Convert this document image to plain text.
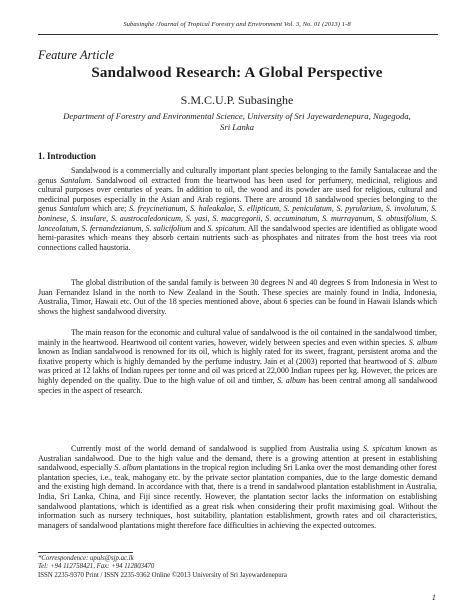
Subasinghe /Journal of Tropical Forestry and Environment Vol. 3, No. 01 (2013) 1-8
Feature Article
Sandalwood Research: A Global Perspective
S.M.C.U.P. Subasinghe
Department of Forestry and Environmental Science, University of Sri Jayewardenepura, Nugegoda,
Sri Lanka
1. Introduction

Sandalwood is a commercially and culturally important plant species belonging to the family Santalaceae and the genus Santalum. Sandalwood oil extracted from the heartwood has been used for perfumery, medicinal, religious and cultural purposes over centuries of years. In addition to oil, the wood and its powder are used for religious, cultural and medicinal purposes especially in the Asian and Arab regions. There are around 18 sandalwood species belonging to the genus Santalum which are; S. freycinetianum, S. haleakalae, S. ellipticum, S. peniculatum, S. pyrularium, S. involutum, S. boninese, S. insulare, S. austrocaledonicum, S. yasi, S. macgregorii, S. accuminatum, S. murrayanum, S. obtusifolium, S. lanceolatum, S. fernandezianum, S. salicifolium and S. spicatum. All the sandalwood species are identified as obligate wood hemi-parasites which means they absorb certain nutrients such as phosphates and nitrates from the host trees via root connections called haustoria.

The global distribution of the sandal family is between 30 degrees N and 40 degrees S from Indonesia in West to Juan Fernandez Island in the north to New Zealand in the South. These species are mainly found in India, Indonesia, Australia, Timor, Hawaii etc. Out of the 18 species mentioned above, about 6 species can be found in Hawaii Islands which shows the highest sandalwood diversity.

The main reason for the economic and cultural value of sandalwood is the oil contained in the sandalwood timber, mainly in the heartwood. Heartwood oil content varies, however, widely between species and even within species. S. album known as Indian sandalwood is renowned for its oil, which is highly rated for its sweet, fragrant, persistent aroma and the fixative property which is highly demanded by the perfume industry. Jain et al (2003) reported that heartwood of S. album was priced at 12 lakhs of Indian rupees per tonne and oil was priced at 22,000 Indian rupees per kg. However, the prices are highly depended on the quality. Due to the high value of oil and timber, S. album has been central among all sandalwood species in the aspect of research.

Currently most of the world demand of sandalwood is supplied from Australia using S. spicatum known as Australian sandalwood. Due to the high value and the demand, there is a growing attention at present in establishing sandalwood, especially S. album plantations in the tropical region including Sri Lanka over the most demanding other forest plantation species, i.e., teak, mahogany etc. by the private sector plantation companies, due to the large domestic demand and the existing high demand. In accordance with that, there is a trend in sandalwood plantation establishment in Australia, India, Sri Lanka, China, and Fiji since recently. However, the plantation sector lacks the information on establishing sandalwood plantations, which is identified as a great risk when considering their profit maximising goal. Without the information such as nursery techniques, host suitability, plantation establishment, growth rates and oil characteristics, managers of sandalwood plantations might therefore face difficulties in achieving the expected outcomes.

*Correspondence: upuls@sjp.ac.lk
Tel: +94 112758421, Fax: +94 112803470
ISSN 2235-9370 Print / ISSN 2235-9362 Online ©2013 University of Sri Jayewardenepura
1
